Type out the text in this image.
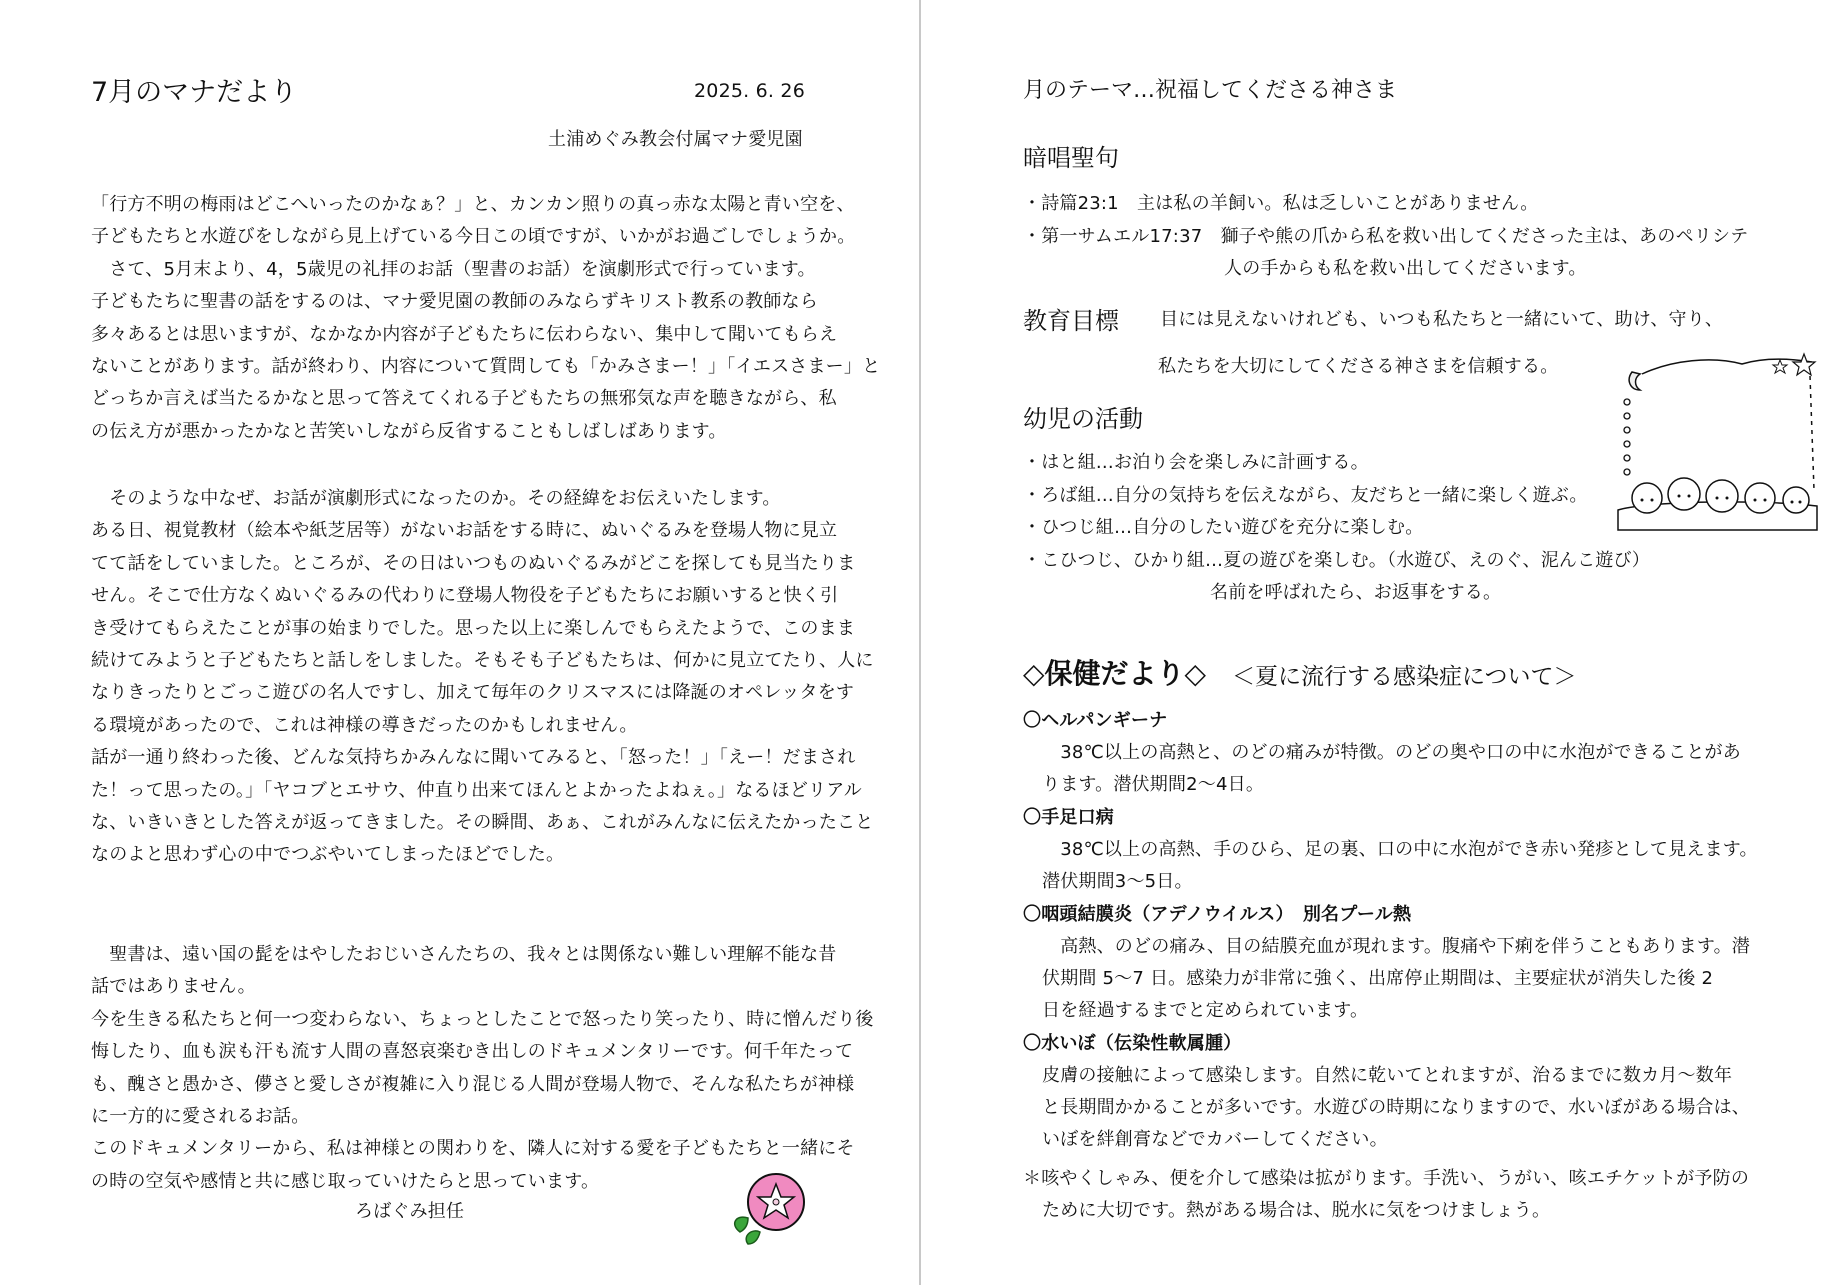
7月のマナだより	2025. 6. 26
土浦めぐみ教会付属マナ愛児園
「行方不明の梅雨はどこへいったのかなぁ？」と、カンカン照りの真っ赤な太陽と青い空を、
子どもたちと水遊びをしながら見上げている今日この頃ですが、いかがお過ごしでしょうか。
　さて、5月末より、4，5歳児の礼拝のお話（聖書のお話）を演劇形式で行っています。
子どもたちに聖書の話をするのは、マナ愛児園の教師のみならずキリスト教系の教師なら
多々あるとは思いますが、なかなか内容が子どもたちに伝わらない、集中して聞いてもらえ
ないことがあります。話が終わり、内容について質問しても「かみさまー！」「イエスさまー」と
どっちか言えば当たるかなと思って答えてくれる子どもたちの無邪気な声を聴きながら、私
の伝え方が悪かったかなと苦笑いしながら反省することもしばしばあります。
　そのような中なぜ、お話が演劇形式になったのか。その経緯をお伝えいたします。
ある日、視覚教材（絵本や紙芝居等）がないお話をする時に、ぬいぐるみを登場人物に見立
てて話をしていました。ところが、その日はいつものぬいぐるみがどこを探しても見当たりま
せん。そこで仕方なくぬいぐるみの代わりに登場人物役を子どもたちにお願いすると快く引
き受けてもらえたことが事の始まりでした。思った以上に楽しんでもらえたようで、このまま
続けてみようと子どもたちと話しをしました。そもそも子どもたちは、何かに見立てたり、人に
なりきったりとごっこ遊びの名人ですし、加えて毎年のクリスマスには降誕のオペレッタをす
る環境があったので、これは神様の導きだったのかもしれません。
話が一通り終わった後、どんな気持ちかみんなに聞いてみると、「怒った！」「えー！だまされ
た！って思ったの。」「ヤコブとエサウ、仲直り出来てほんとよかったよねぇ。」なるほどリアル
な、いきいきとした答えが返ってきました。その瞬間、あぁ、これがみんなに伝えたかったこと
なのよと思わず心の中でつぶやいてしまったほどでした。
　聖書は、遠い国の髭をはやしたおじいさんたちの、我々とは関係ない難しい理解不能な昔
話ではありません。
今を生きる私たちと何一つ変わらない、ちょっとしたことで怒ったり笑ったり、時に憎んだり後
悔したり、血も涙も汗も流す人間の喜怒哀楽むき出しのドキュメンタリーです。何千年たって
も、醜さと愚かさ、儚さと愛しさが複雑に入り混じる人間が登場人物で、そんな私たちが神様
に一方的に愛されるお話。
このドキュメンタリーから、私は神様との関わりを、隣人に対する愛を子どもたちと一緒にそ
の時の空気や感情と共に感じ取っていけたらと思っています。
ろばぐみ担任
月のテーマ…祝福してくださる神さま
暗唱聖句
・詩篇23:1　主は私の羊飼い。私は乏しいことがありません。
・第一サムエル17:37　獅子や熊の爪から私を救い出してくださった主は、あのペリシテ
人の手からも私を救い出してくださいます。
教育目標 目には見えないけれども、いつも私たちと一緒にいて、助け、守り、
私たちを大切にしてくださる神さまを信頼する。
幼児の活動
・はと組…お泊り会を楽しみに計画する。
・ろば組…自分の気持ちを伝えながら、友だちと一緒に楽しく遊ぶ。
・ひつじ組…自分のしたい遊びを充分に楽しむ。
・こひつじ、ひかり組…夏の遊びを楽しむ。（水遊び、えのぐ、泥んこ遊び）
名前を呼ばれたら、お返事をする。
◇保健だより◇ ＜夏に流行する感染症について＞
〇ヘルパンギーナ
　38℃以上の高熱と、のどの痛みが特徴。のどの奥や口の中に水泡ができることがあ
ります。潜伏期間2～4日。
〇手足口病
　38℃以上の高熱、手のひら、足の裏、口の中に水泡ができ赤い発疹として見えます。
潜伏期間3～5日。
〇咽頭結膜炎（アデノウイルス）　別名プール熱
　高熱、のどの痛み、目の結膜充血が現れます。腹痛や下痢を伴うこともあります。潜
伏期間 5～7 日。感染力が非常に強く、出席停止期間は、主要症状が消失した後 2
日を経過するまでと定められています。
〇水いぼ（伝染性軟属腫）
皮膚の接触によって感染します。自然に乾いてとれますが、治るまでに数カ月～数年
と長期間かかることが多いです。水遊びの時期になりますので、水いぼがある場合は、
いぼを絆創膏などでカバーしてください。
＊咳やくしゃみ、便を介して感染は拡がります。手洗い、うがい、咳エチケットが予防の
ために大切です。熱がある場合は、脱水に気をつけましょう。
